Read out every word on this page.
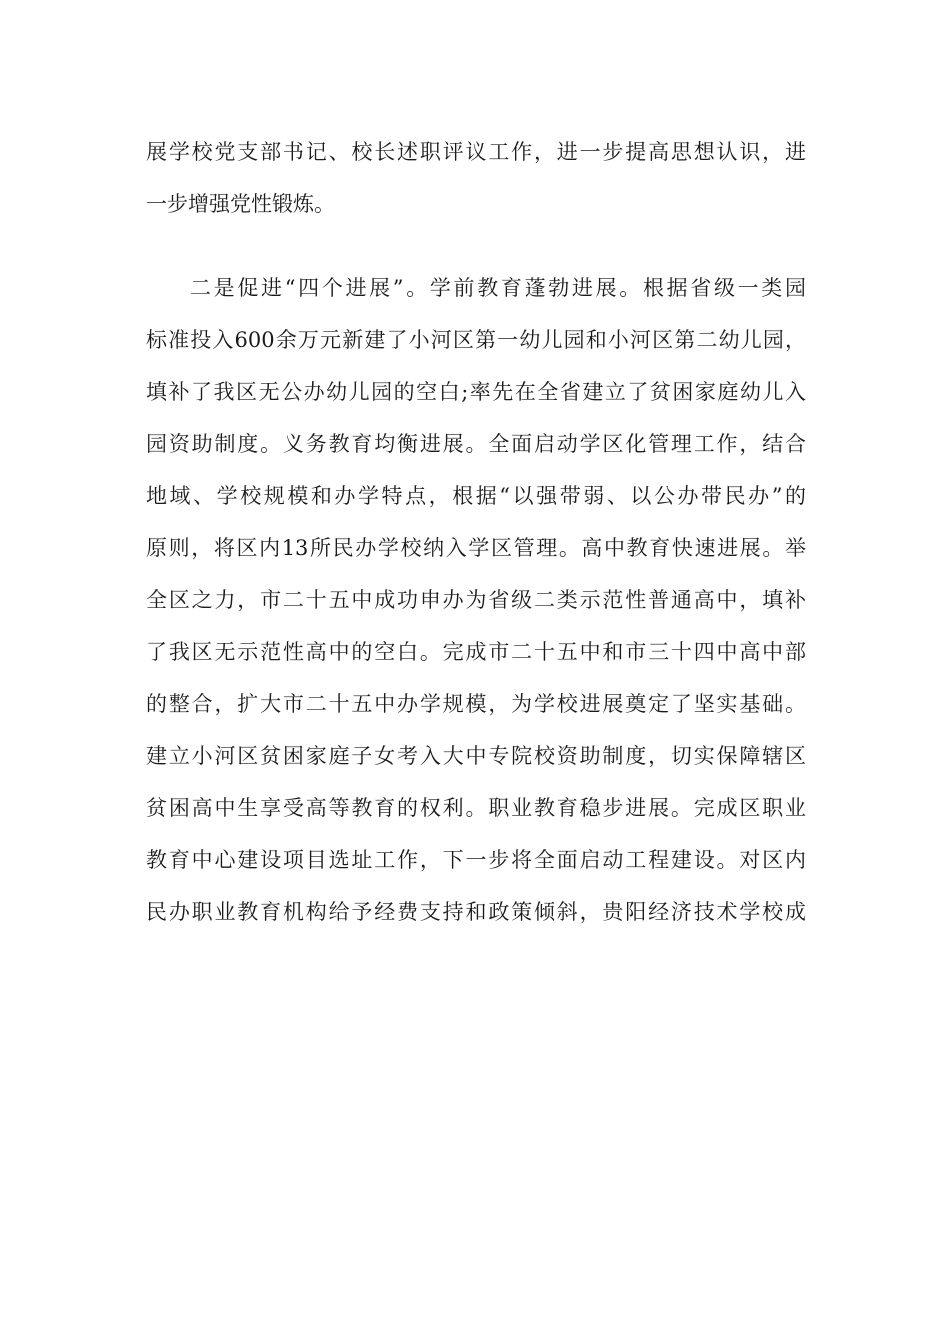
展学校党支部书记、校长述职评议工作，进一步提高思想认识，进

一步增强党性锻炼。

二是促进“四个进展”。学前教育蓬勃进展。根据省级一类园

标准投入600余万元新建了小河区第一幼儿园和小河区第二幼儿园，

填补了我区无公办幼儿园的空白;率先在全省建立了贫困家庭幼儿入

园资助制度。义务教育均衡进展。全面启动学区化管理工作，结合

地域、学校规模和办学特点，根据“以强带弱、以公办带民办”的

原则，将区内13所民办学校纳入学区管理。高中教育快速进展。举

全区之力，市二十五中成功申办为省级二类示范性普通高中，填补

了我区无示范性高中的空白。完成市二十五中和市三十四中高中部

的整合，扩大市二十五中办学规模，为学校进展奠定了坚实基础。

建立小河区贫困家庭子女考入大中专院校资助制度，切实保障辖区

贫困高中生享受高等教育的权利。职业教育稳步进展。完成区职业

教育中心建设项目选址工作，下一步将全面启动工程建设。对区内

民办职业教育机构给予经费支持和政策倾斜，贵阳经济技术学校成
